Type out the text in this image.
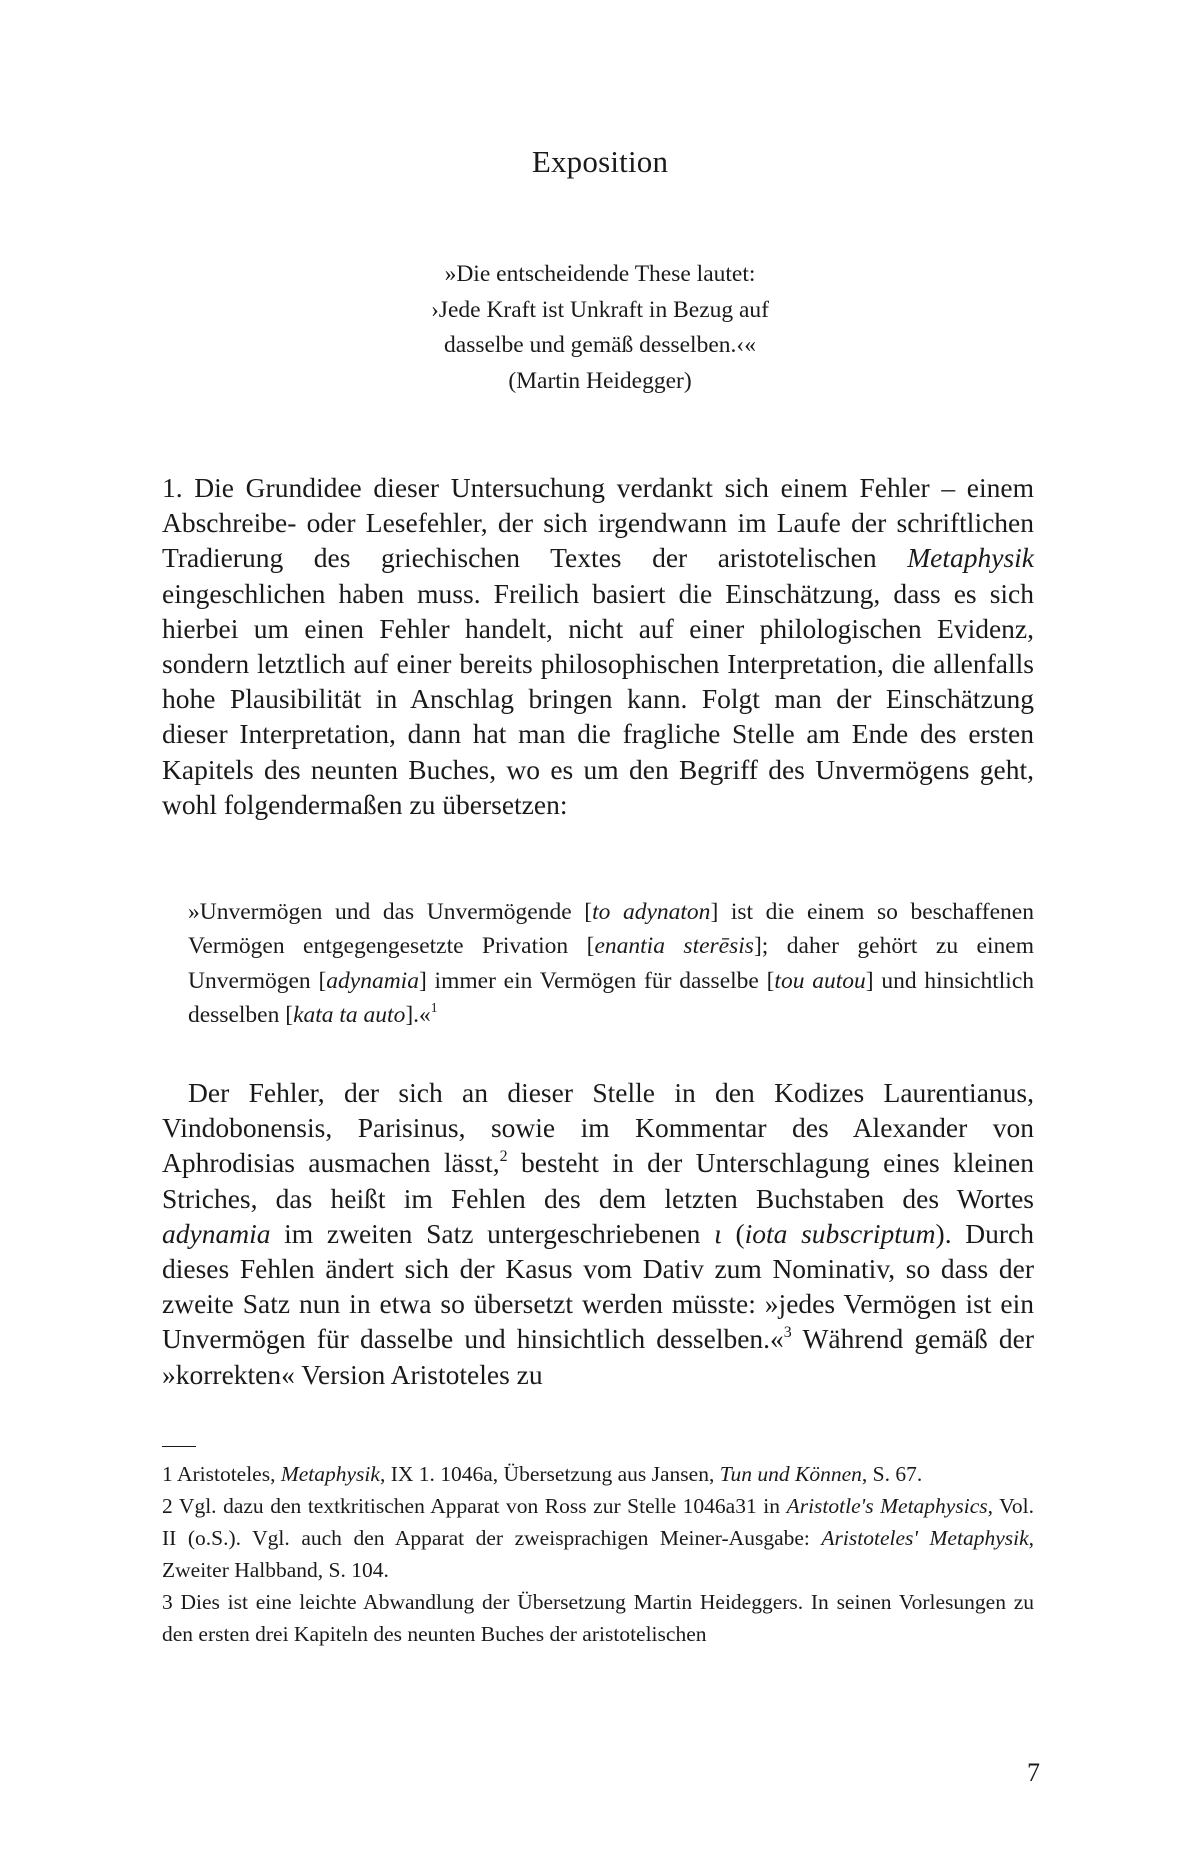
Exposition
»Die entscheidende These lautet:
›Jede Kraft ist Unkraft in Bezug auf
dasselbe und gemäß desselben.‹«
(Martin Heidegger)

1. Die Grundidee dieser Untersuchung verdankt sich einem Fehler – einem Abschreibe- oder Lesefehler, der sich irgendwann im Laufe der schriftlichen Tradierung des griechischen Textes der aristotelischen Metaphysik eingeschlichen haben muss. Freilich basiert die Einschätzung, dass es sich hierbei um einen Fehler handelt, nicht auf einer philologischen Evidenz, sondern letztlich auf einer bereits philosophischen Interpretation, die allenfalls hohe Plausibilität in Anschlag bringen kann. Folgt man der Einschätzung dieser Interpretation, dann hat man die fragliche Stelle am Ende des ersten Kapitels des neunten Buches, wo es um den Begriff des Unvermögens geht, wohl folgendermaßen zu übersetzen:

»Unvermögen und das Unvermögende [to adynaton] ist die einem so beschaffenen Vermögen entgegengesetzte Privation [enantia sterēsis]; daher gehört zu einem Unvermögen [adynamia] immer ein Vermögen für dasselbe [tou autou] und hinsichtlich desselben [kata ta auto].«$^1$

Der Fehler, der sich an dieser Stelle in den Kodizes Laurentianus, Vindobonensis, Parisinus, sowie im Kommentar des Alexander von Aphrodisias ausmachen lässt,$^2$ besteht in der Unterschlagung eines kleinen Striches, das heißt im Fehlen des dem letzten Buchstaben des Wortes adynamia im zweiten Satz untergeschriebenen ι (iota subscriptum). Durch dieses Fehlen ändert sich der Kasus vom Dativ zum Nominativ, so dass der zweite Satz nun in etwa so übersetzt werden müsste: »jedes Vermögen ist ein Unvermögen für dasselbe und hinsichtlich desselben.«$^3$ Während gemäß der »korrekten« Version Aristoteles zu

1 Aristoteles, Metaphysik, IX 1. 1046a, Übersetzung aus Jansen, Tun und Können, S. 67.

2 Vgl. dazu den textkritischen Apparat von Ross zur Stelle 1046a31 in Aristotle's Metaphysics, Vol. II (o.S.). Vgl. auch den Apparat der zweisprachigen Meiner-Ausgabe: Aristoteles' Metaphysik, Zweiter Halbband, S. 104.

3 Dies ist eine leichte Abwandlung der Übersetzung Martin Heideggers. In seinen Vorlesungen zu den ersten drei Kapiteln des neunten Buches der aristotelischen

7
